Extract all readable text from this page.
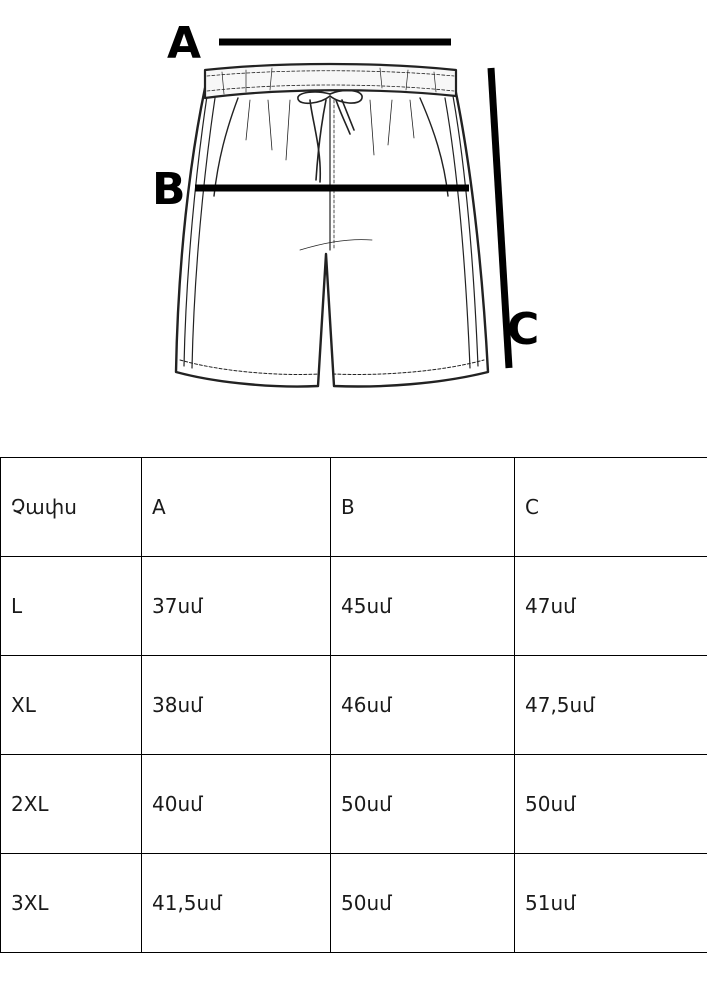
A
B
C
Չափս	A	B	C
L	37սմ	45սմ	47սմ
XL	38սմ	46սմ	47,5սմ
2XL	40սմ	50սմ	50սմ
3XL	41,5սմ	50սմ	51սմ
